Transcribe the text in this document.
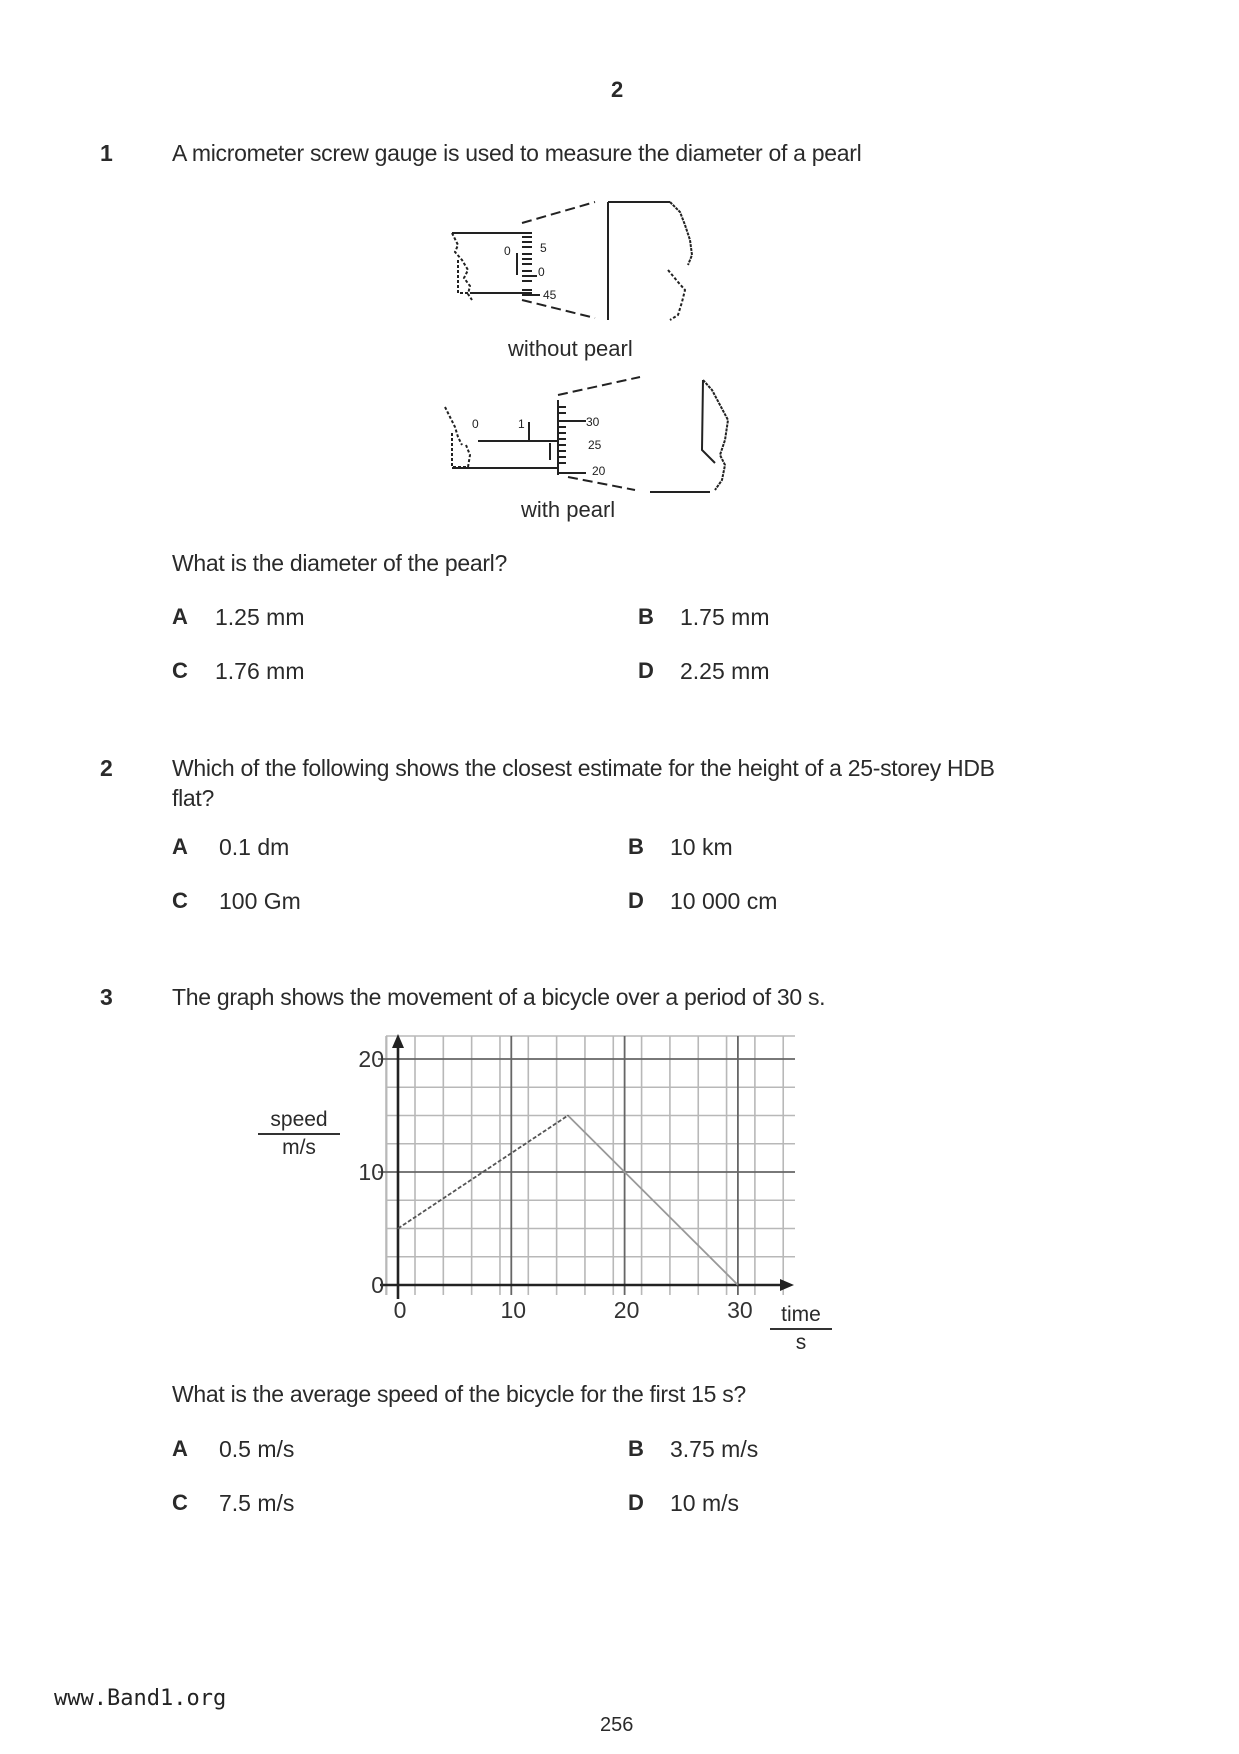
2
1	A micrometer screw gauge is used to measure the diameter of a pearl
0 5
0
45
without pearl
0	1	30
25
20
with pearl
What is the diameter of the pearl?
A 1.25 mm	B 1.75 mm
C 1.76 mm	D 2.25 mm
2	Which of the following shows the closest estimate for the height of a 25-storey HDB
flat?
A 0.1 dm	B 10 km
C 100 Gm	D 10 000 cm
3	The graph shows the movement of a bicycle over a period of 30 s.
0	10	20	30
0
10
20
speed
m/s
time
s
What is the average speed of the bicycle for the first 15 s?
A 0.5 m/s	B 3.75 m/s
C 7.5 m/s	D 10 m/s
www.Band1.org
256
